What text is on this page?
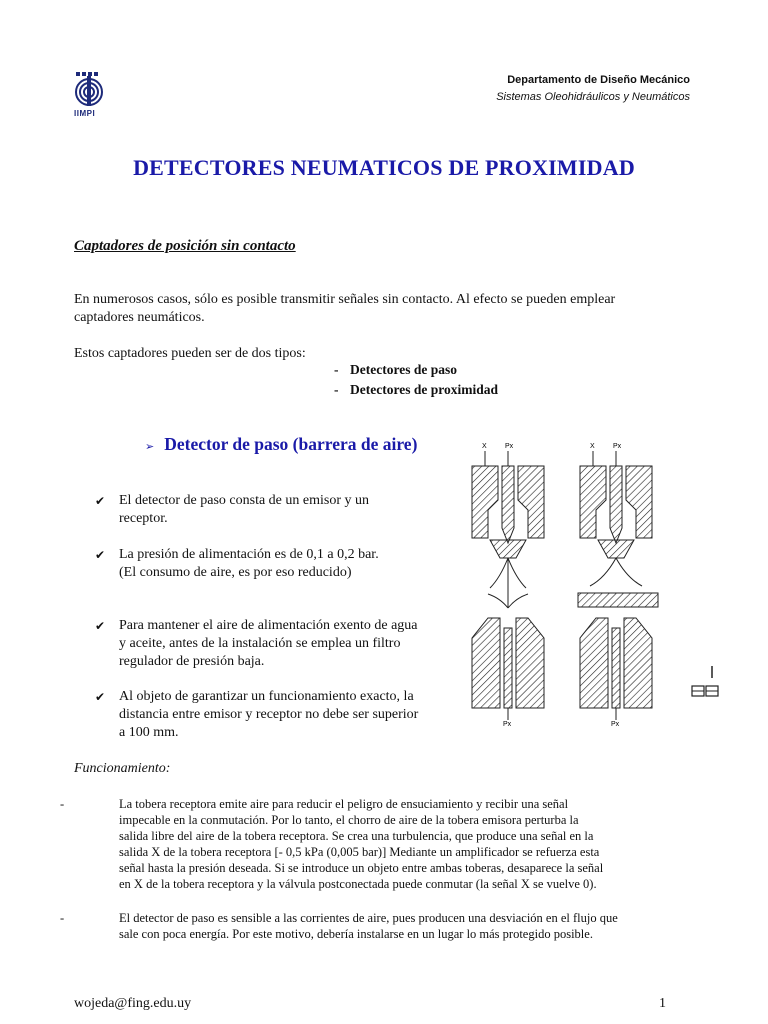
IIMPI
Departamento de Diseño Mecánico
Sistemas Oleohidráulicos y Neumáticos
DETECTORES NEUMATICOS DE PROXIMIDAD
Captadores de posición sin contacto
En numerosos casos, sólo es posible transmitir señales sin contacto. Al efecto se pueden emplear
captadores neumáticos.
Estos captadores pueden ser de dos tipos:
- Detectores de paso
- Detectores de proximidad
➢ Detector de paso (barrera de aire)
✔ El detector de paso consta de un emisor y un
receptor.
✔ La presión de alimentación es de 0,1 a 0,2 bar.
(El consumo de aire, es por eso reducido)
✔ Para mantener el aire de alimentación exento de agua
y aceite, antes de la instalación se emplea un filtro
regulador de presión baja.
✔ Al objeto de garantizar un funcionamiento exacto, la
distancia entre emisor y receptor no debe ser superior
a 100 mm.
X	Px
Px
X	Px
Px
Funcionamiento:
-	La tobera receptora emite aire para reducir el peligro de ensuciamiento y recibir una señal
impecable en la conmutación. Por lo tanto, el chorro de aire de la tobera emisora perturba la
salida libre del aire de la tobera receptora. Se crea una turbulencia, que produce una señal en la
salida X de la tobera receptora [- 0,5 kPa (0,005 bar)] Mediante un amplificador se refuerza esta
señal hasta la presión deseada. Si se introduce un objeto entre ambas toberas, desaparece la señal
en X de la tobera receptora y la válvula postconectada puede conmutar (la señal X se vuelve 0).
-	El detector de paso es sensible a las corrientes de aire, pues producen una desviación en el flujo que
sale con poca energía. Por este motivo, debería instalarse en un lugar lo más protegido posible.
wojeda@fing.edu.uy	1
